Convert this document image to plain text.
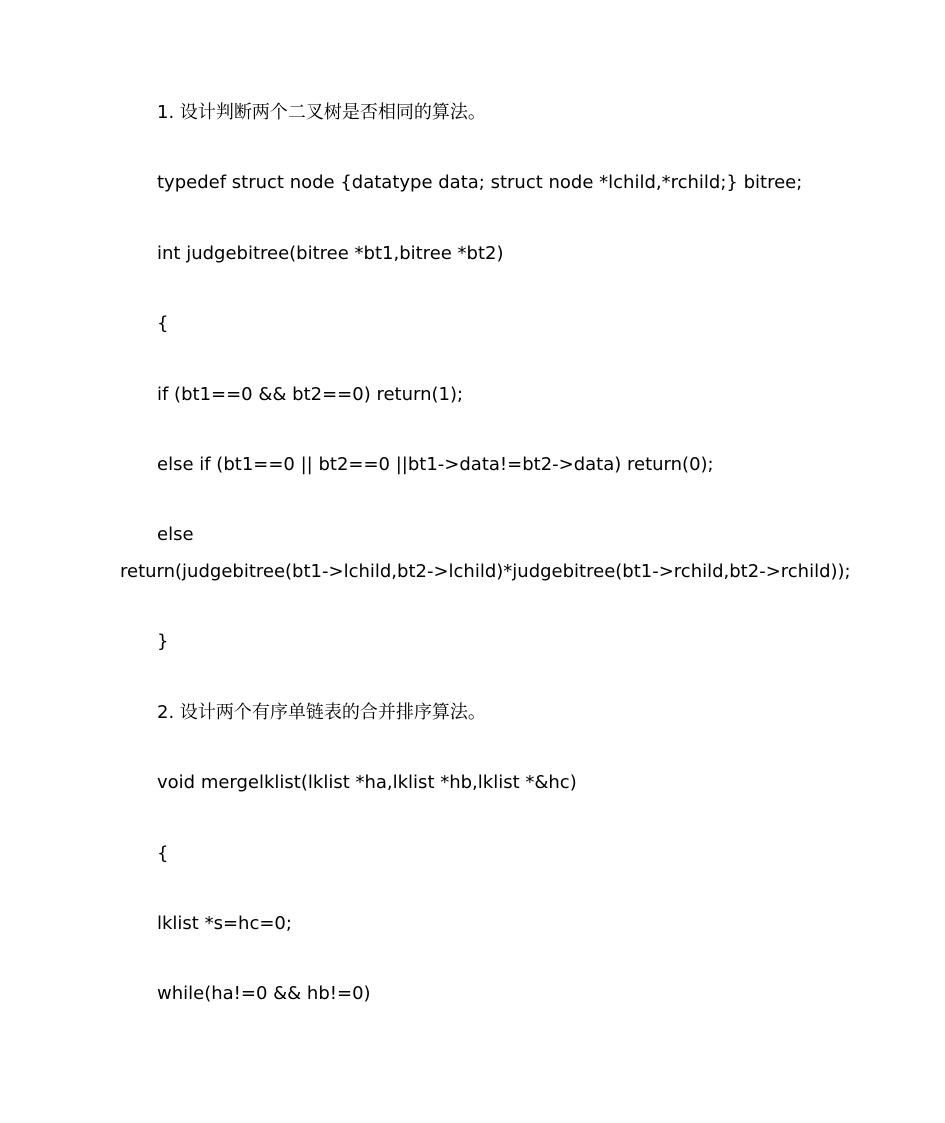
1. 设计判断两个二叉树是否相同的算法。
typedef struct node {datatype data; struct node *lchild,*rchild;} bitree;
int judgebitree(bitree *bt1,bitree *bt2)
{
if (bt1==0 && bt2==0) return(1);
else if (bt1==0 || bt2==0 ||bt1->data!=bt2->data) return(0);
else
return(judgebitree(bt1->lchild,bt2->lchild)*judgebitree(bt1->rchild,bt2->rchild));
}
2. 设计两个有序单链表的合并排序算法。
void mergelklist(lklist *ha,lklist *hb,lklist *&hc)
{
lklist *s=hc=0;
while(ha!=0 && hb!=0)
